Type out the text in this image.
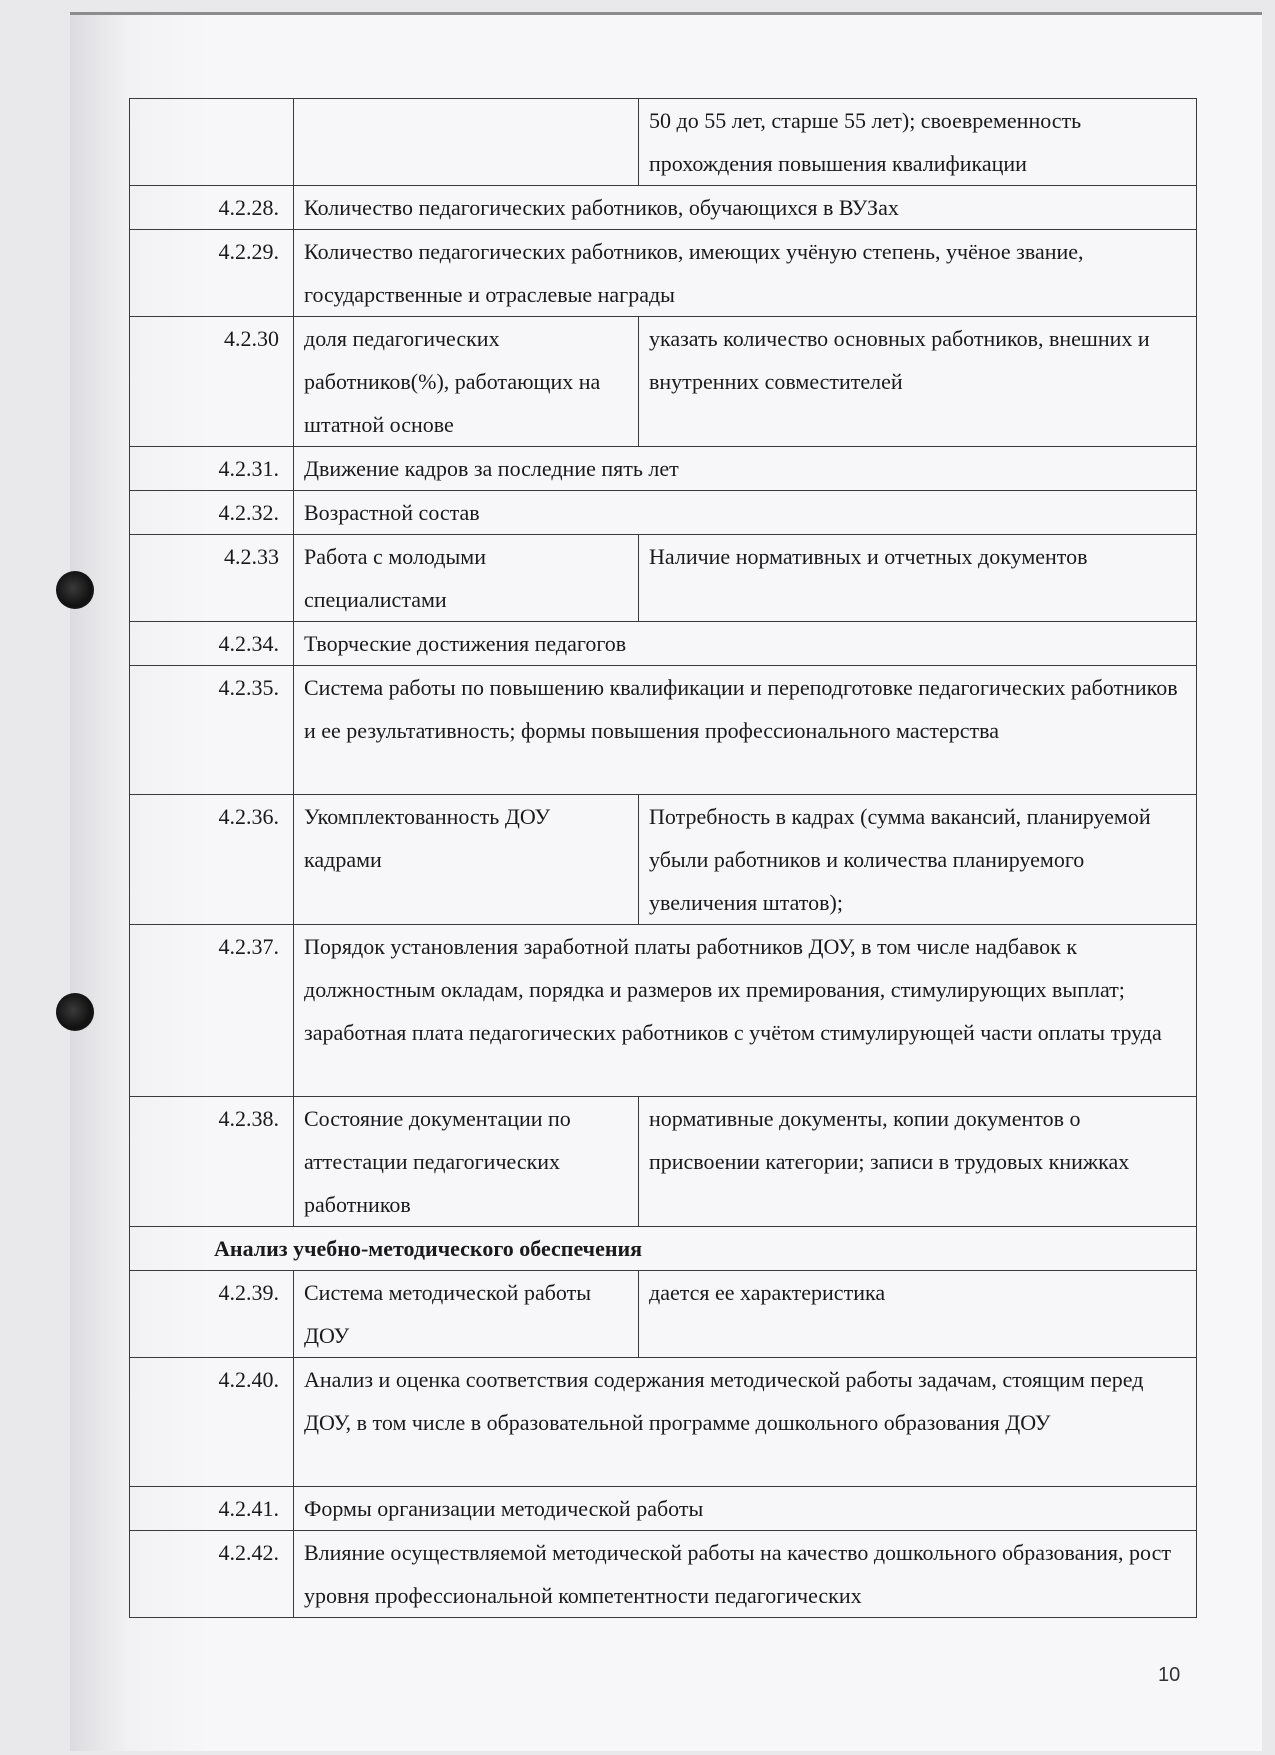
		50 до 55 лет, старше 55 лет); своевременность прохождения повышения квалификации
4.2.28.	Количество педагогических работников, обучающихся в ВУЗах	
4.2.29.	Количество педагогических работников, имеющих учёную степень, учёное звание, государственные и отраслевые награды	
4.2.30	доля педагогических работников(%), работающих на штатной основе	указать количество основных работников, внешних и внутренних совместителей
4.2.31.	Движение кадров за последние пять лет	
4.2.32.	Возрастной состав	
4.2.33	Работа с молодыми специалистами	Наличие нормативных и отчетных документов
4.2.34.	Творческие достижения педагогов	
4.2.35.	Система работы по повышению квалификации и переподготовке педагогических работников и ее результативность; формы повышения профессионального мастерства	
4.2.36.	Укомплектованность ДОУ кадрами	Потребность в кадрах (сумма вакансий, планируемой убыли работников и количества планируемого увеличения штатов);
4.2.37.	Порядок установления заработной платы работников ДОУ, в том числе надбавок к должностным окладам, порядка и размеров их премирования, стимулирующих выплат; заработная плата педагогических работников с учётом стимулирующей части оплаты труда	
4.2.38.	Состояние документации по аттестации педагогических работников	нормативные документы, копии документов о присвоении категории; записи в трудовых книжках
Анализ учебно-методического обеспечения		
4.2.39.	Система методической работы ДОУ	дается ее характеристика
4.2.40.	Анализ и оценка соответствия содержания методической работы задачам, стоящим перед ДОУ, в том числе в образовательной программе дошкольного образования ДОУ	
4.2.41.	Формы организации методической работы	
4.2.42.	Влияние осуществляемой методической работы на качество дошкольного образования, рост уровня профессиональной компетентности педагогических	
10
